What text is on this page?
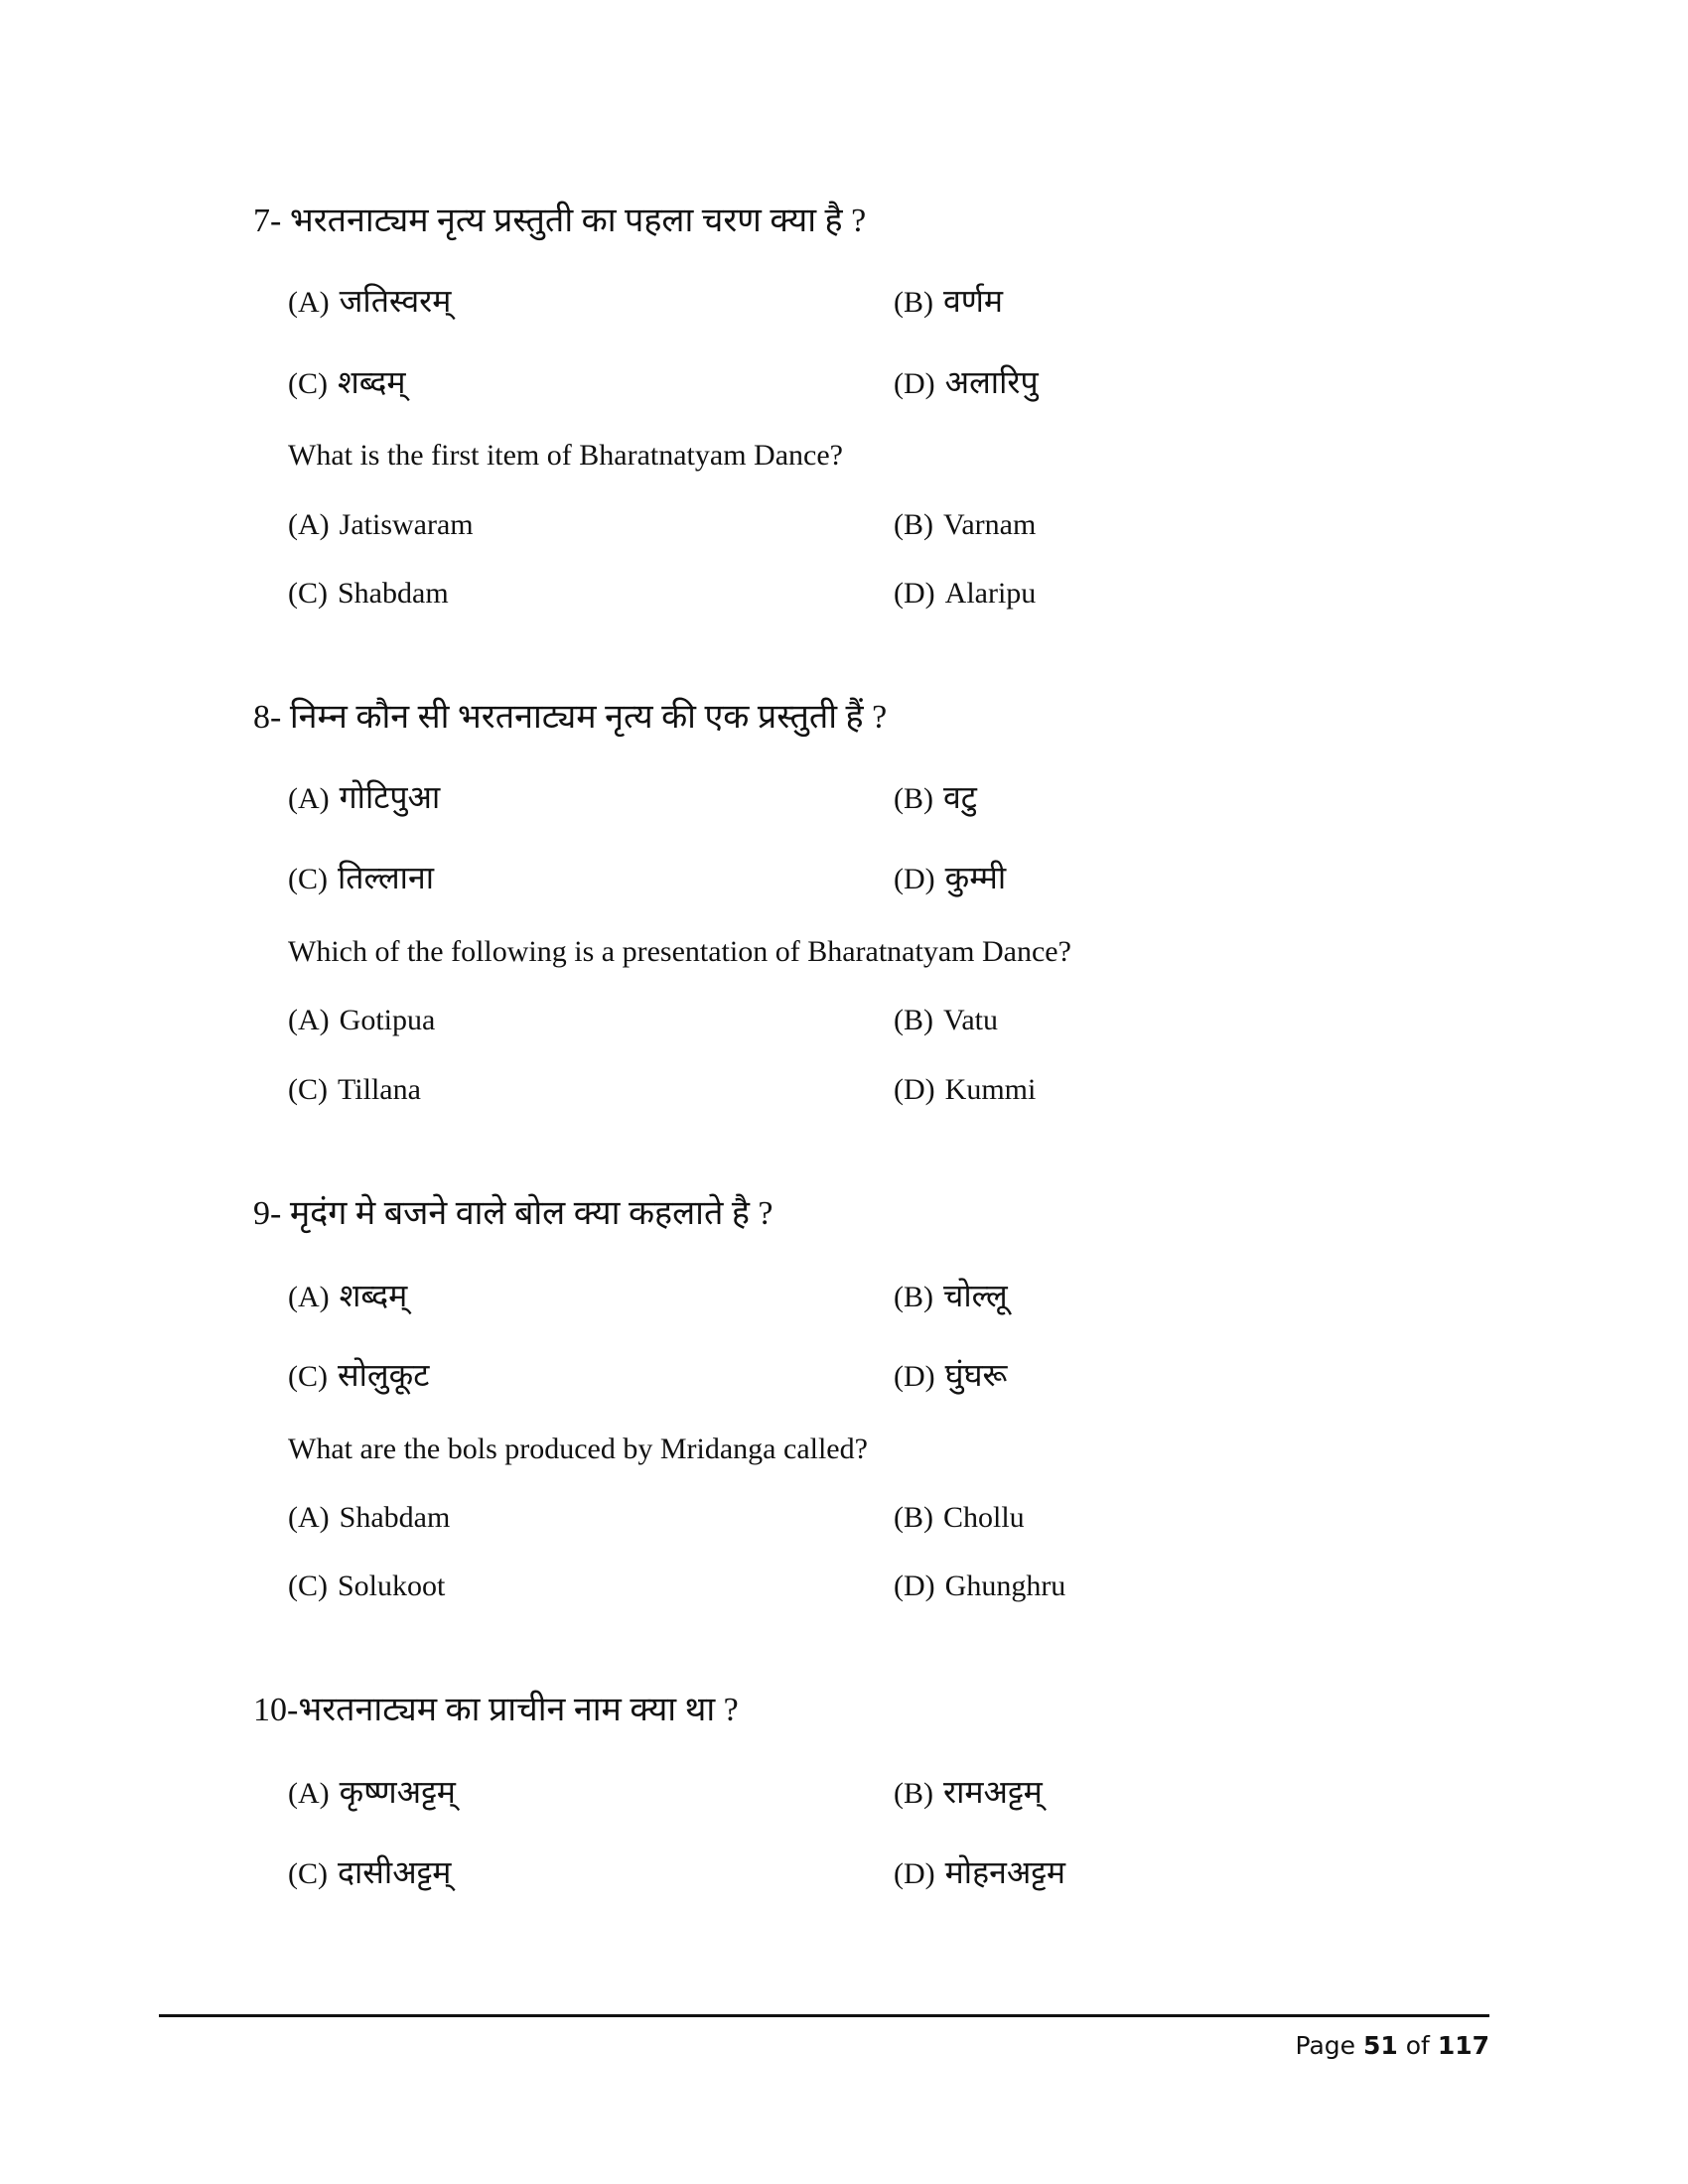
7- भरतनाट्यम नृत्य प्रस्तुती का पहला चरण क्या है ?
(A) जतिस्वरम्	(B) वर्णम
(C) शब्दम्	(D) अलारिपु
What is the first item of Bharatnatyam Dance?
(A) Jatiswaram	(B) Varnam
(C) Shabdam	(D) Alaripu
8- निम्न कौन सी भरतनाट्यम नृत्य की एक प्रस्तुती हैं ?
(A) गोटिपुआ	(B) वटु
(C) तिल्लाना	(D) कुम्मी
Which of the following is a presentation of Bharatnatyam Dance?
(A) Gotipua	(B) Vatu
(C) Tillana	(D) Kummi
9- मृदंग मे बजने वाले बोल क्या कहलाते है ?
(A) शब्दम्	(B) चोल्लू
(C) सोलुकूट	(D) घुंघरू
What are the bols produced by Mridanga called?
(A) Shabdam	(B) Chollu
(C) Solukoot	(D) Ghunghru
10-भरतनाट्यम का प्राचीन नाम क्या था ?
(A) कृष्णअट्टम्	(B) रामअट्टम्
(C) दासीअट्टम्	(D) मोहनअट्टम
Page 51 of 117
